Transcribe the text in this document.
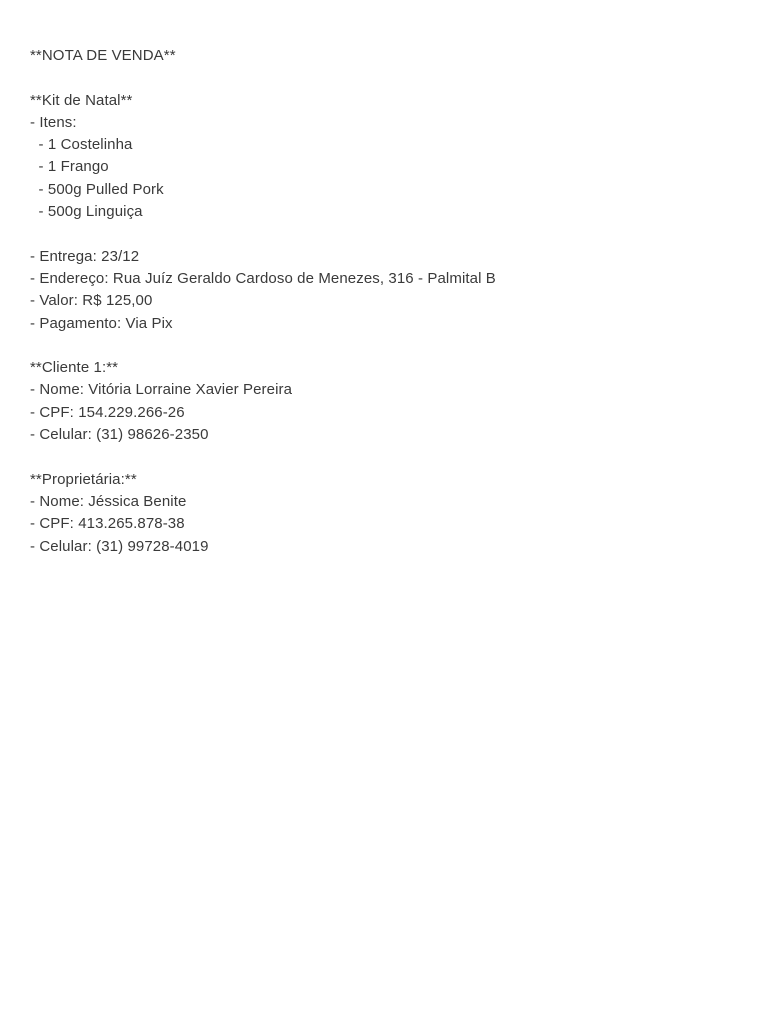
**NOTA DE VENDA**
**Kit de Natal**
- Itens:
- 1 Costelinha
- 1 Frango
- 500g Pulled Pork
- 500g Linguiça
- Entrega: 23/12
- Endereço: Rua Juíz Geraldo Cardoso de Menezes, 316 - Palmital B
- Valor: R$ 125,00
- Pagamento: Via Pix
**Cliente 1:**
- Nome: Vitória Lorraine Xavier Pereira
- CPF: 154.229.266-26
- Celular: (31) 98626-2350
**Proprietária:**
- Nome: Jéssica Benite
- CPF: 413.265.878-38
- Celular: (31) 99728-4019
